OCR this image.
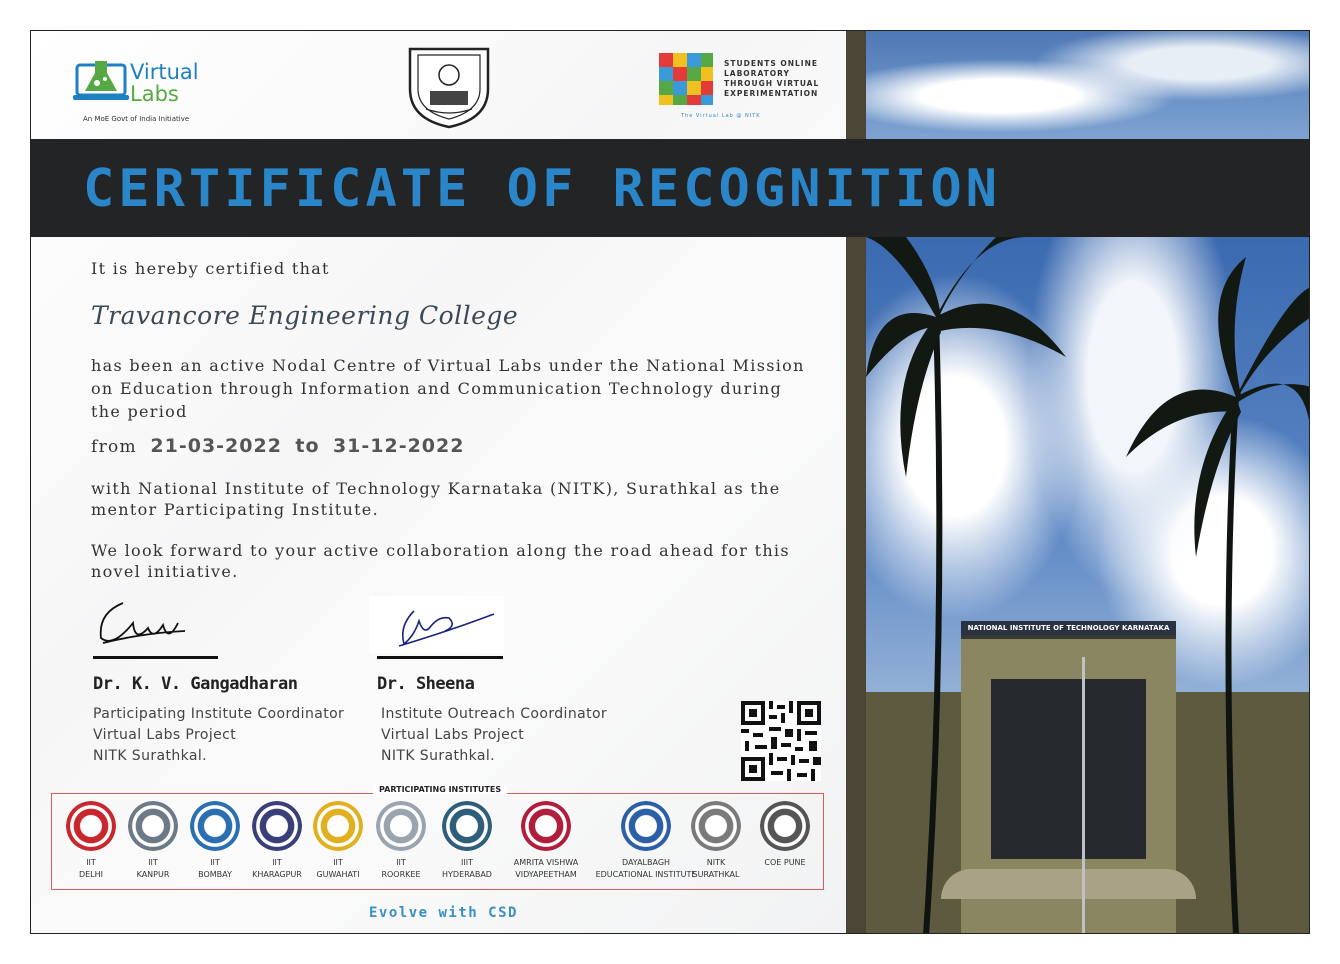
NATIONAL INSTITUTE OF TECHNOLOGY KARNATAKA
Virtual
Labs
An MoE Govt of India Initiative
STUDENTS ONLINE
LABORATORY
THROUGH VIRTUAL
EXPERIMENTATION
The Virtual Lab @ NITK
CERTIFICATE OF RECOGNITION
It is hereby certified that
Travancore Engineering College
has been an active Nodal Centre of Virtual Labs under the National Mission
on Education through Information and Communication Technology during
the period
from 21-03-2022 to 31-12-2022
with National Institute of Technology Karnataka (NITK), Surathkal as the
mentor Participating Institute.
We look forward to your active collaboration along the road ahead for this
novel initiative.
Dr. K. V. Gangadharan
Participating Institute Coordinator
Virtual Labs Project
NITK Surathkal.
Dr. Sheena
Institute Outreach Coordinator
Virtual Labs Project
NITK Surathkal.
PARTICIPATING INSTITUTES
Evolve with CSD
IIT
DELHI
IIT
KANPUR
IIT
BOMBAY
IIT
KHARAGPUR
IIT
GUWAHATI
IIT
ROORKEE
IIIT
HYDERABAD
AMRITA VISHWA
VIDYAPEETHAM
DAYALBAGH
EDUCATIONAL INSTITUTE
NITK
SURATHKAL
COE PUNE
